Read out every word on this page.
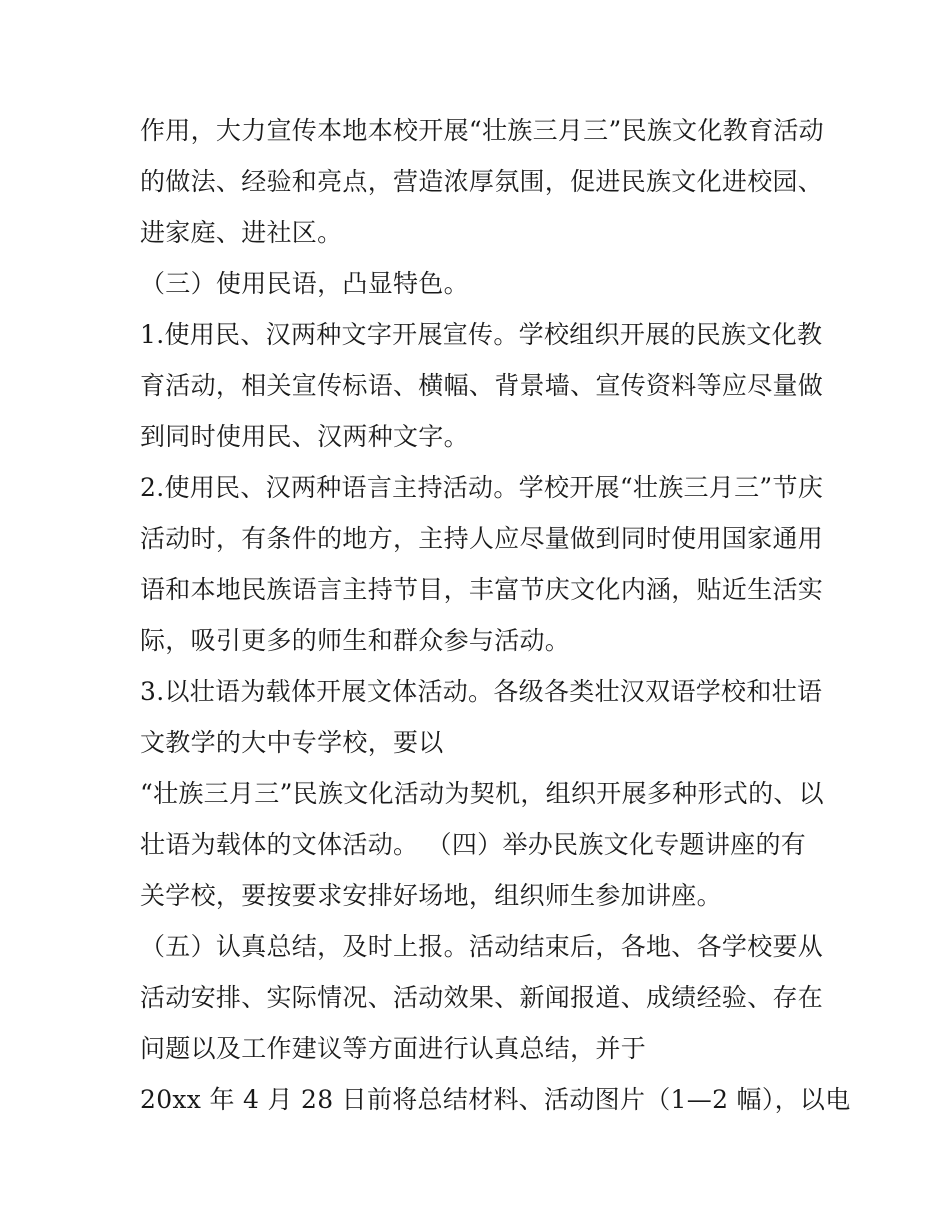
作用，大力宣传本地本校开展“壮族三月三”民族文化教育活动
的做法、经验和亮点，营造浓厚氛围，促进民族文化进校园、
进家庭、进社区。
（三）使用民语，凸显特色。
1.使用民、汉两种文字开展宣传。学校组织开展的民族文化教
育活动，相关宣传标语、横幅、背景墙、宣传资料等应尽量做
到同时使用民、汉两种文字。
2.使用民、汉两种语言主持活动。学校开展“壮族三月三”节庆
活动时，有条件的地方，主持人应尽量做到同时使用国家通用
语和本地民族语言主持节目，丰富节庆文化内涵，贴近生活实
际，吸引更多的师生和群众参与活动。
3.以壮语为载体开展文体活动。各级各类壮汉双语学校和壮语
文教学的大中专学校，要以
“壮族三月三”民族文化活动为契机，组织开展多种形式的、以
壮语为载体的文体活动。 （四）举办民族文化专题讲座的有
关学校，要按要求安排好场地，组织师生参加讲座。
（五）认真总结，及时上报。活动结束后，各地、各学校要从
活动安排、实际情况、活动效果、新闻报道、成绩经验、存在
问题以及工作建议等方面进行认真总结，并于
20xx 年 4 月 28 日前将总结材料、活动图片（1—2 幅），以电
